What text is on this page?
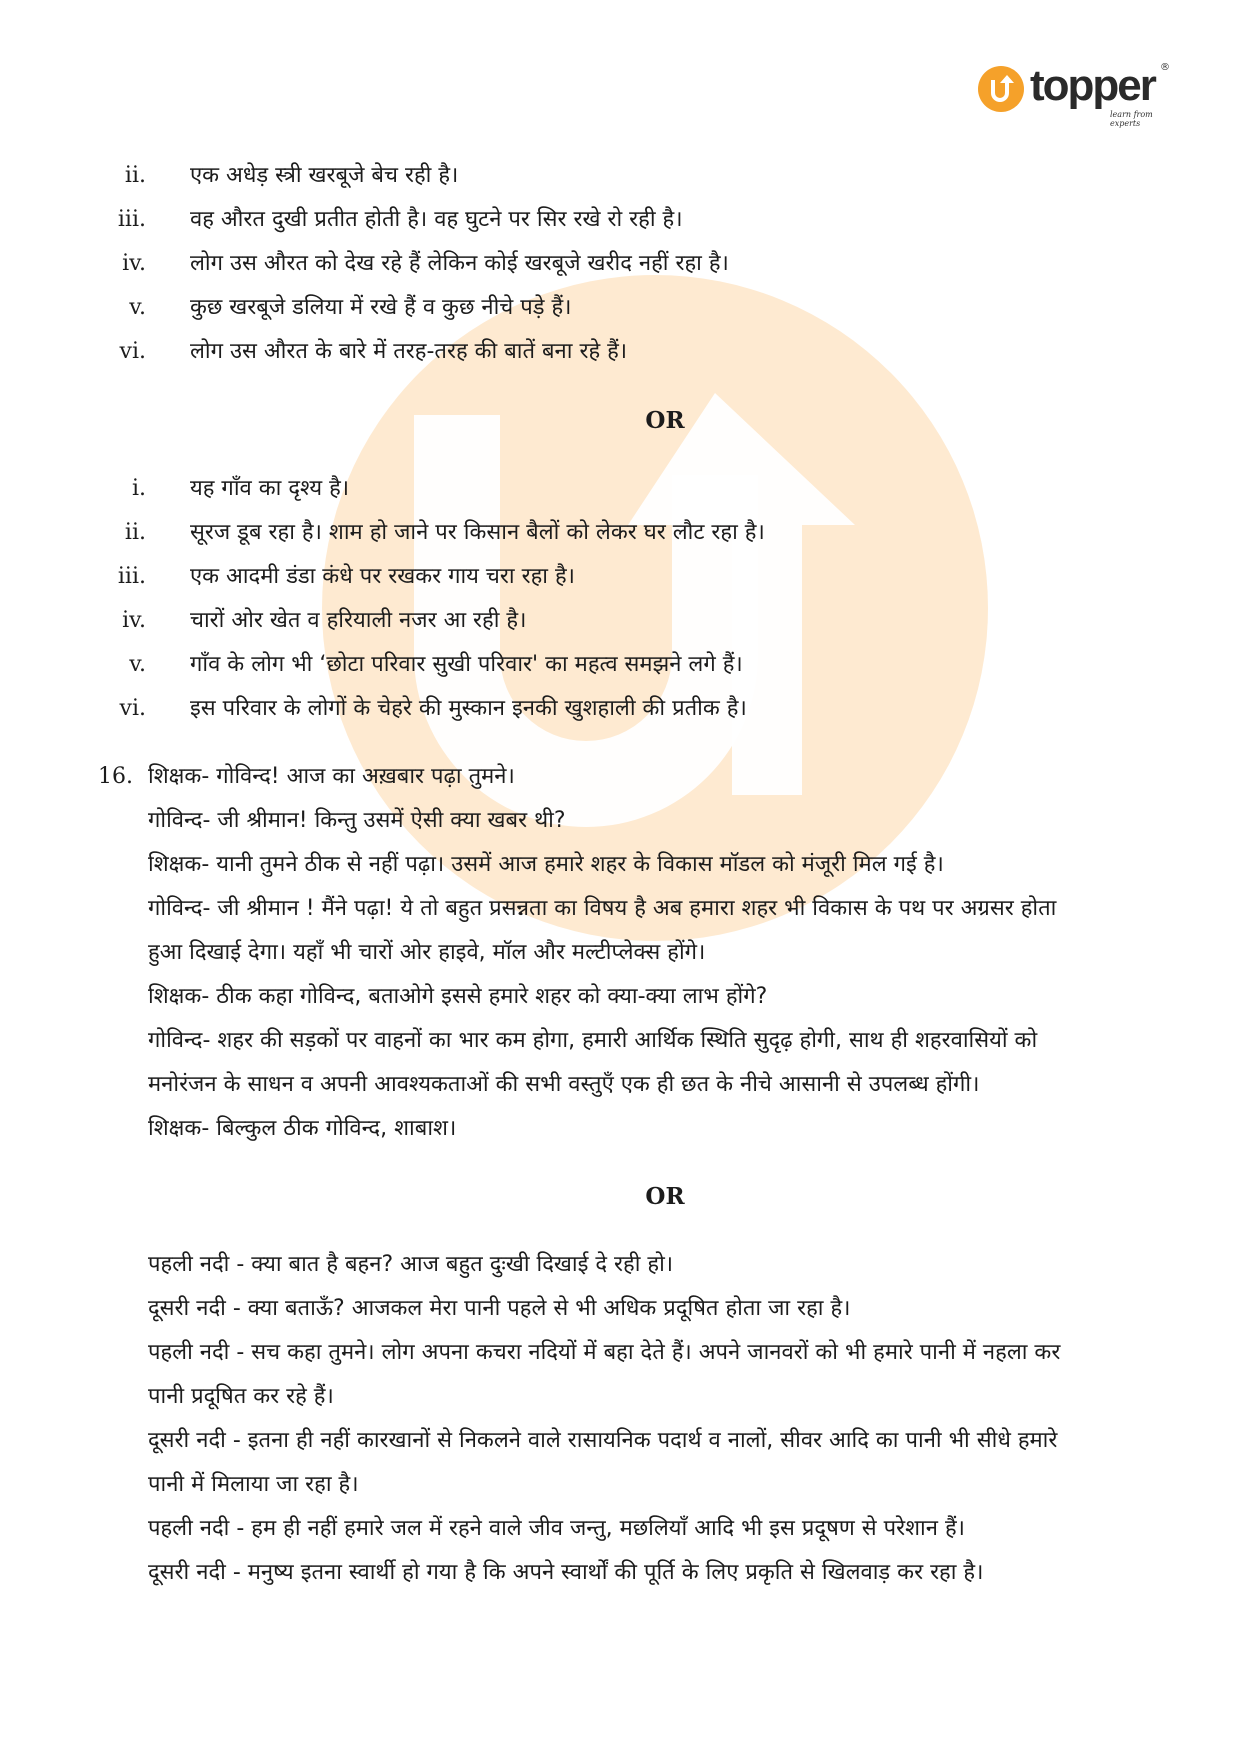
topper ®
learn from experts
ii. एक अधेड़ स्त्री खरबूजे बेच रही है।
iii. वह औरत दुखी प्रतीत होती है। वह घुटने पर सिर रखे रो रही है।
iv. लोग उस औरत को देख रहे हैं लेकिन कोई खरबूजे खरीद नहीं रहा है।
v. कुछ खरबूजे डलिया में रखे हैं व कुछ नीचे पड़े हैं।
vi. लोग उस औरत के बारे में तरह-तरह की बातें बना रहे हैं।
OR
i. यह गाँव का दृश्य है।
ii. सूरज डूब रहा है। शाम हो जाने पर किसान बैलों को लेकर घर लौट रहा है।
iii. एक आदमी डंडा कंधे पर रखकर गाय चरा रहा है।
iv. चारों ओर खेत व हरियाली नजर आ रही है।
v. गाँव के लोग भी ‘छोटा परिवार सुखी परिवार' का महत्व समझने लगे हैं।
vi. इस परिवार के लोगों के चेहरे की मुस्कान इनकी खुशहाली की प्रतीक है।
16. शिक्षक- गोविन्द! आज का अख़बार पढ़ा तुमने।
गोविन्द- जी श्रीमान! किन्तु उसमें ऐसी क्या खबर थी?
शिक्षक- यानी तुमने ठीक से नहीं पढ़ा। उसमें आज हमारे शहर के विकास मॉडल को मंजूरी मिल गई है।
गोविन्द- जी श्रीमान ! मैंने पढ़ा! ये तो बहुत प्रसन्नता का विषय है अब हमारा शहर भी विकास के पथ पर अग्रसर होता
हुआ दिखाई देगा। यहाँ भी चारों ओर हाइवे, मॉल और मल्टीप्लेक्स होंगे।
शिक्षक- ठीक कहा गोविन्द, बताओगे इससे हमारे शहर को क्या-क्या लाभ होंगे?
गोविन्द- शहर की सड़कों पर वाहनों का भार कम होगा, हमारी आर्थिक स्थिति सुदृढ़ होगी, साथ ही शहरवासियों को
मनोरंजन के साधन व अपनी आवश्यकताओं की सभी वस्तुएँ एक ही छत के नीचे आसानी से उपलब्ध होंगी।
शिक्षक- बिल्कुल ठीक गोविन्द, शाबाश।
OR
पहली नदी - क्या बात है बहन? आज बहुत दुःखी दिखाई दे रही हो।
दूसरी नदी - क्या बताऊँ? आजकल मेरा पानी पहले से भी अधिक प्रदूषित होता जा रहा है।
पहली नदी - सच कहा तुमने। लोग अपना कचरा नदियों में बहा देते हैं। अपने जानवरों को भी हमारे पानी में नहला कर
पानी प्रदूषित कर रहे हैं।
दूसरी नदी - इतना ही नहीं कारखानों से निकलने वाले रासायनिक पदार्थ व नालों, सीवर आदि का पानी भी सीधे हमारे
पानी में मिलाया जा रहा है।
पहली नदी - हम ही नहीं हमारे जल में रहने वाले जीव जन्तु, मछलियाँ आदि भी इस प्रदूषण से परेशान हैं।
दूसरी नदी - मनुष्य इतना स्वार्थी हो गया है कि अपने स्वार्थों की पूर्ति के लिए प्रकृति से खिलवाड़ कर रहा है।
